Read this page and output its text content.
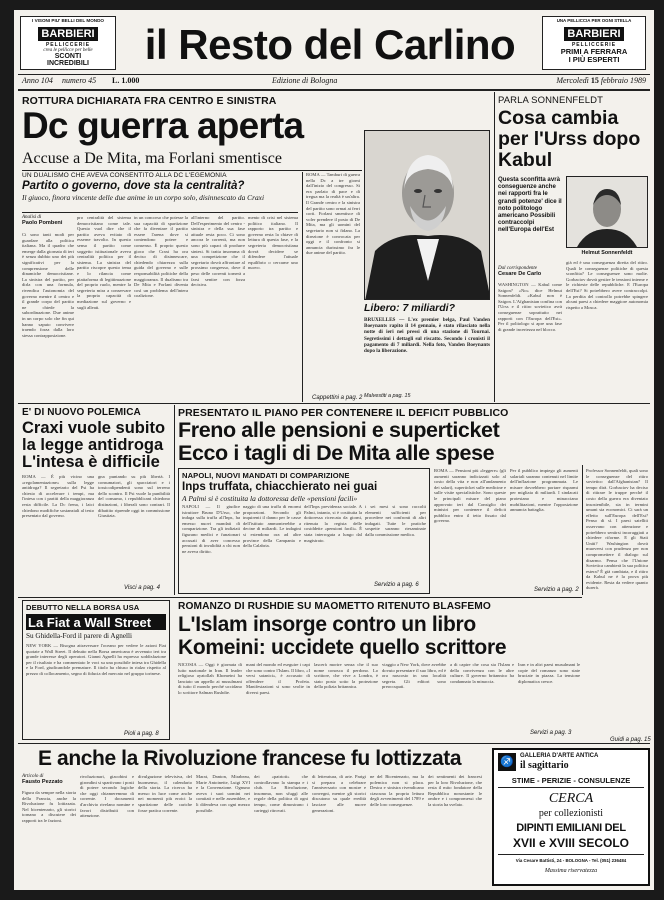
I VISONI PIU' BELLI DEL MONDO
BARBIERI
PELLICCERIE
crea le pellicce per belle
SCONTI
INCREDIBILI	il Resto del Carlino
UNA PELLICCIA PER OGNI STELLA
BARBIERI
PELLICCERIE
PRIMI A FERRARA
I PIÙ ESPERTI
Anno 104 numero 45 L. 1.000	Edizione di Bologna	Mercoledì 15 febbraio 1989
ROTTURA DICHIARATA FRA CENTRO E SINISTRA
Dc guerra aperta
Accuse a De Mita, ma Forlani smentisce
UN DUALISMO CHE AVEVA CONSENTITO ALLA DC L'EGEMONIA
Partito o governo, dove sta la centralità?
Il giuoco, finora vincente delle due anime in un corpo solo, disinnescato da Craxi
Analisi di
Paolo Pombeni
Ci sono tanti modi per guardare alla politica italiana. Ma il quadro che emerge dalla giornata di ieri è senza dubbio uno dei più significativi per la comprensione delle dinamiche democristiane. La sinistra del partito, per dirla con una formula, rivendica l'autonomia del governo mentre il centro e il grande corpo del partito ne chiede la subordinazione. Due anime in un corpo solo che fin qui hanno saputo convivere traendo forza dalla loro stessa contrapposizione.
pro centralità del sistema democristiano come tale. Questo vuol dire che il partito aveva evitato di esserne travolto. In questo senso il partito come soggetto istituzionale aveva centralità politica per il sistema. La sinistra del partito riscopre questo tema e lo rilancia come piattaforma di legittimazione del proprio ruolo, mentre la segreteria mira a conservare la propria capacità di mediazione sul governo e sugli alleati.
in un concorso che potesse la sua capacità di spartizione che fa diventare il partito essere l'arena dove si contendono potere e consenso. È proprio questo gioco che Craxi ha ora deciso di disinnescare, chiedendo chiarezza sulla guida del governo e sulle responsabilità politiche della maggioranza. Il dualismo tra De Mita e Forlani diventa così un problema dell'intera coalizione.
all'interno del partito. Dell'esperimento del centro - sinistra e della sua fase attuale resta poco. Ci sono ancora le correnti, ma non sono più capaci di produrre sintesi. Si tratta insomma di una competizione che il segretario dovrà affrontare al prossimo congresso, dove il peso delle correnti tornerà a farsi sentire con forza decisiva.
mento di crisi nel sistema politico italiano. Il rapporto tra partito e governo resta la chiave di lettura di questa fase, e la segreteria democristiana dovrà decidere se difendere l'attuale equilibrio o cercarne uno nuovo.
ROMA — Tamburi di guerra nella Dc a tre giorni dall'inizio del congresso. Si era parlato di pace e di tregua ma la realtà è un'altra. Il Grande centro e la sinistra del partito sono ormai ai ferri corti. Forlani smentisce di voler prendere il posto di De Mita, ma gli uomini del segretario non si fidano. La direzione è convocata per oggi e il confronto si annuncia durissimo fra le due anime del partito.
Cappettini a pag. 2
Libero: 7 miliardi?
BRUXELLES — L'ex premier belga, Paul Vanden Boeynants rapito il 14 gennaio, è stato rilasciato nella notte di ieri nei pressi di una stazione di Tournai. Segretissimi i dettagli sul riscatto. Secondo i cronisti il pagamento di 7 miliardi. Nella foto, Vanden Boeynants dopo la liberazione.
Malvestiti a pag. 15
PARLA SONNENFELDT
Cosa cambia per l'Urss dopo Kabul
Questa sconfitta avrà conseguenze anche nei rapporti fra le grandi potenze' dice il noto politologo americano Possibili contraccolpi nell'Europa dell'Est
Helmut Sonnenfeldt
Dal corrispondente
Cesare De Carlo
WASHINGTON — Kabul come Saigon? «No» dice Helmut Sonnenfeldt. «Kabul non è Saigon. L'Afghanistan confina con l'Urss e il ritiro sovietico avrà conseguenze soprattutto nei rapporti con l'Europa dell'Est». Per il politologo si apre una fase di grande incertezza nel blocco.
già ed è una conseguenza diretta del ritiro. Quali le conseguenze politiche di questa sconfitta? Le conseguenze sono molte. Gorbaciov dovrà gestire le tensioni interne e le richieste delle repubbliche. E l'Europa dell'Est? Si potrebbero avere contraccolpi. La perdita del controllo potrebbe spingere alcuni paesi a chiedere maggiore autonomia rispetto a Mosca.
E' DI NUOVO POLEMICA
Craxi vuole subito la legge antidroga L'intesa è difficile
ROMA — È più vicino una «regolamentazione» sulla legge antidroga? Il segretario del Psi ha chiesto di accelerare i tempi, ma l'intesa con i partiti della maggioranza resta difficile. La Dc frena, i laici chiedono modifiche sostanziali al testo presentato dal governo.
gna puntando su più libertà. I consumatori, gli spacciatori e i tossicodipendenti sono sul terreno dello scontro. Il Psi vuole la punibilità del consumo, i repubblicani chiedono distinzioni, i liberali sono contrari. Il dibattito riprende oggi in commissione Giustizia.
Visci a pag. 4
PRESENTATO IL PIANO PER CONTENERE IL DEFICIT PUBBLICO
Freno alle pensioni e superticket
Ecco i tagli di De Mita alle spese
ROMA — Pensioni più «leggere» (gli aumenti saranno indicizzati solo al costo della vita e non all'andamento dei salari), superticket sulle medicine e sulle visite specialistiche. Sono queste le principali misure del piano approvato ieri dal Consiglio dei ministri per contenere il deficit pubblico entro il tetto fissato dal governo.
Per il pubblico impiego gli aumenti salariali saranno contenuti nel limite dell'inflazione programmata. Le misure dovrebbero portare risparmi per migliaia di miliardi. I sindacati protestano e minacciano mobilitazioni, mentre l'opposizione annuncia battaglia.
Servizio a pag. 2
NAPOLI, NUOVI MANDATI DI COMPARIZIONE
Inps truffata, chiacchierato nei guai
A Palmi si è costituita la dottoressa delle «pensioni facili»
NAPOLI — Il giudice istruttore Bruno D'Urso, che indaga sulla truffa all'Inps, ha emesso nuovi mandati di comparizione. Tra gli indiziati figurano medici e funzionari accusati di aver concesso pensioni di invalidità a chi non ne aveva diritto.
naggio di una truffa di enormi proporzioni. Secondo gli inquirenti il danno per le casse dell'istituto ammonterebbe a decine di miliardi. Le indagini si estendono ora ad altre province della Campania e della Calabria.
dell'Inps previdenza sociale. A Palmi, intanto, si è costituita la dottoressa ricercata da giorni, ritenuta la regista delle cosiddette «pensioni facili». È stata interrogata a lungo dal magistrato.
i sei mesi si sono raccolti elementi sufficienti per procedere nei confronti di altri indagati. Tutte le pratiche sospette saranno riesaminate dalla commissione medica.
Servizio a pag. 6
Professor Sonnenfeldt, quali sono le conseguenze del ritiro sovietico dall'Afghanistan? Il tempo dirà. Gorbaciov ha deciso di ritirare le truppe perché il costo della guerra era diventato insostenibile, sia in termini umani sia economici. Ci sarà un effetto sull'Europa dell'Est? Penso di sì. I paesi satelliti osservano con attenzione e potrebbero sentirsi incoraggiati a chiedere riforme. E gli Stati Uniti? Washington dovrà muoversi con prudenza per non compromettere il dialogo sul disarmo. Pensa che l'Unione Sovietica cambierà la sua politica estera? È già cambiata, e il ritiro da Kabul ne è la prova più evidente. Resta da vedere quanto durerà.
Guidi a pag. 15
DEBUTTO NELLA BORSA USA
La Fiat a Wall Street
Su Ghidella-Ford il parere di Agnelli
NEW YORK — Bisogna attraversare l'oceano per vedere le azioni Fiat quotate a Wall Street. Il debutto nella Borsa americana è avvenuto ieri tra grande interesse degli operatori. Gianni Agnelli ha espresso soddisfazione per il risultato e ha commentato le voci su una possibile intesa tra Ghidella e la Ford, giudicandole premature. Il titolo ha chiuso in rialzo rispetto al prezzo di collocamento, segno di fiducia del mercato nel gruppo torinese.
Pioli a pag. 8
ROMANZO DI RUSHDIE SU MAOMETTO RITENUTO BLASFEMO
L'Islam insorge contro un libro
Komeini: uccidete quello scrittore
NICOSIA — Oggi è giornata di lutto nazionale in Iran. Il leader religioso ayatollah Khomeini ha lanciato un appello ai musulmani di tutto il mondo perché uccidano lo scrittore Salman Rushdie.
mani del mondo ed eseguire i capi che sono contro l'Islam. Il libro, «I versi satanici», è accusato di offendere il Profeta. Manifestazioni si sono svolte in diversi paesi.
lascerà morire senza che il suo nome conosca il perdono. Lo scrittore, che vive a Londra, è stato posto sotto la protezione della polizia britannica.
viaggio a New York, dove avrebbe dovuto presentare il suo libro, ed è ora nascosto in una località segreta. Gli editori sono preoccupati.
a di capire che cosa sia l'Islam e della convivenza con le altre culture. Il governo britannico ha condannato la minaccia.
Iran e in altri paesi musulmani le copie del romanzo sono state bruciate in piazza. La tensione diplomatica cresce.
Servizi a pag. 3
E anche la Rivoluzione francese fu lottizzata
Articolo di
Fausto Pezzato
Figura da sempre nella storia della Francia, anche la Rivoluzione fu lottizzata. Nel bicentenario, gli storici tornano a discutere dei rapporti tra le fazioni.
rivoluzionari, giacobini e girondini si spartivano i posti di potere secondo logiche che oggi chiameremmo di corrente. I documenti d'archivio rivelano nomine e favori distribuiti con attenzione.
divulgazione televisiva, del buonsenso, il calendario della storia. La ricerca ha messo in luce come anche nei momenti più eroici la spartizione delle cariche fosse pratica corrente.
Marat, Danton, Mirabeau, Marie Antoinette, Luigi XVI e la Convenzione. Ognuno aveva i suoi uomini nei comitati e nelle assemblee, e li difendeva con ogni mezzo possibile.
dei «patrioti» che controllavano la stampa e i club. La Rivoluzione, insomma, non sfuggì alle regole della politica di ogni tempo, come dimostrano i carteggi ritrovati.
di letteratura, di arte. Parigi si prepara a celebrare l'anniversario con mostre e convegni, mentre gli storici discutono su quale eredità lasciare alle nuove generazioni.
ne del Bicentenario, ma la polemica non si placa. Destra e sinistra rivendicano ciascuna la propria lettura degli avvenimenti del 1789 e delle loro conseguenze.
dei sentimenti dei francesi per la loro Rivoluzione, che resta il mito fondatore della Repubblica nonostante le ombre e i compromessi che la storia ha svelato.
♐	GALLERIA D'ARTE ANTICA
il sagittario
STIME - PERIZIE - CONSULENZE
CERCA
per collezionisti
DIPINTI EMILIANI DEL
XVII e XVIII SECOLO
Via Cesare Battisti, 24 - BOLOGNA - Tel. (051) 236484
Massima riservatezza
